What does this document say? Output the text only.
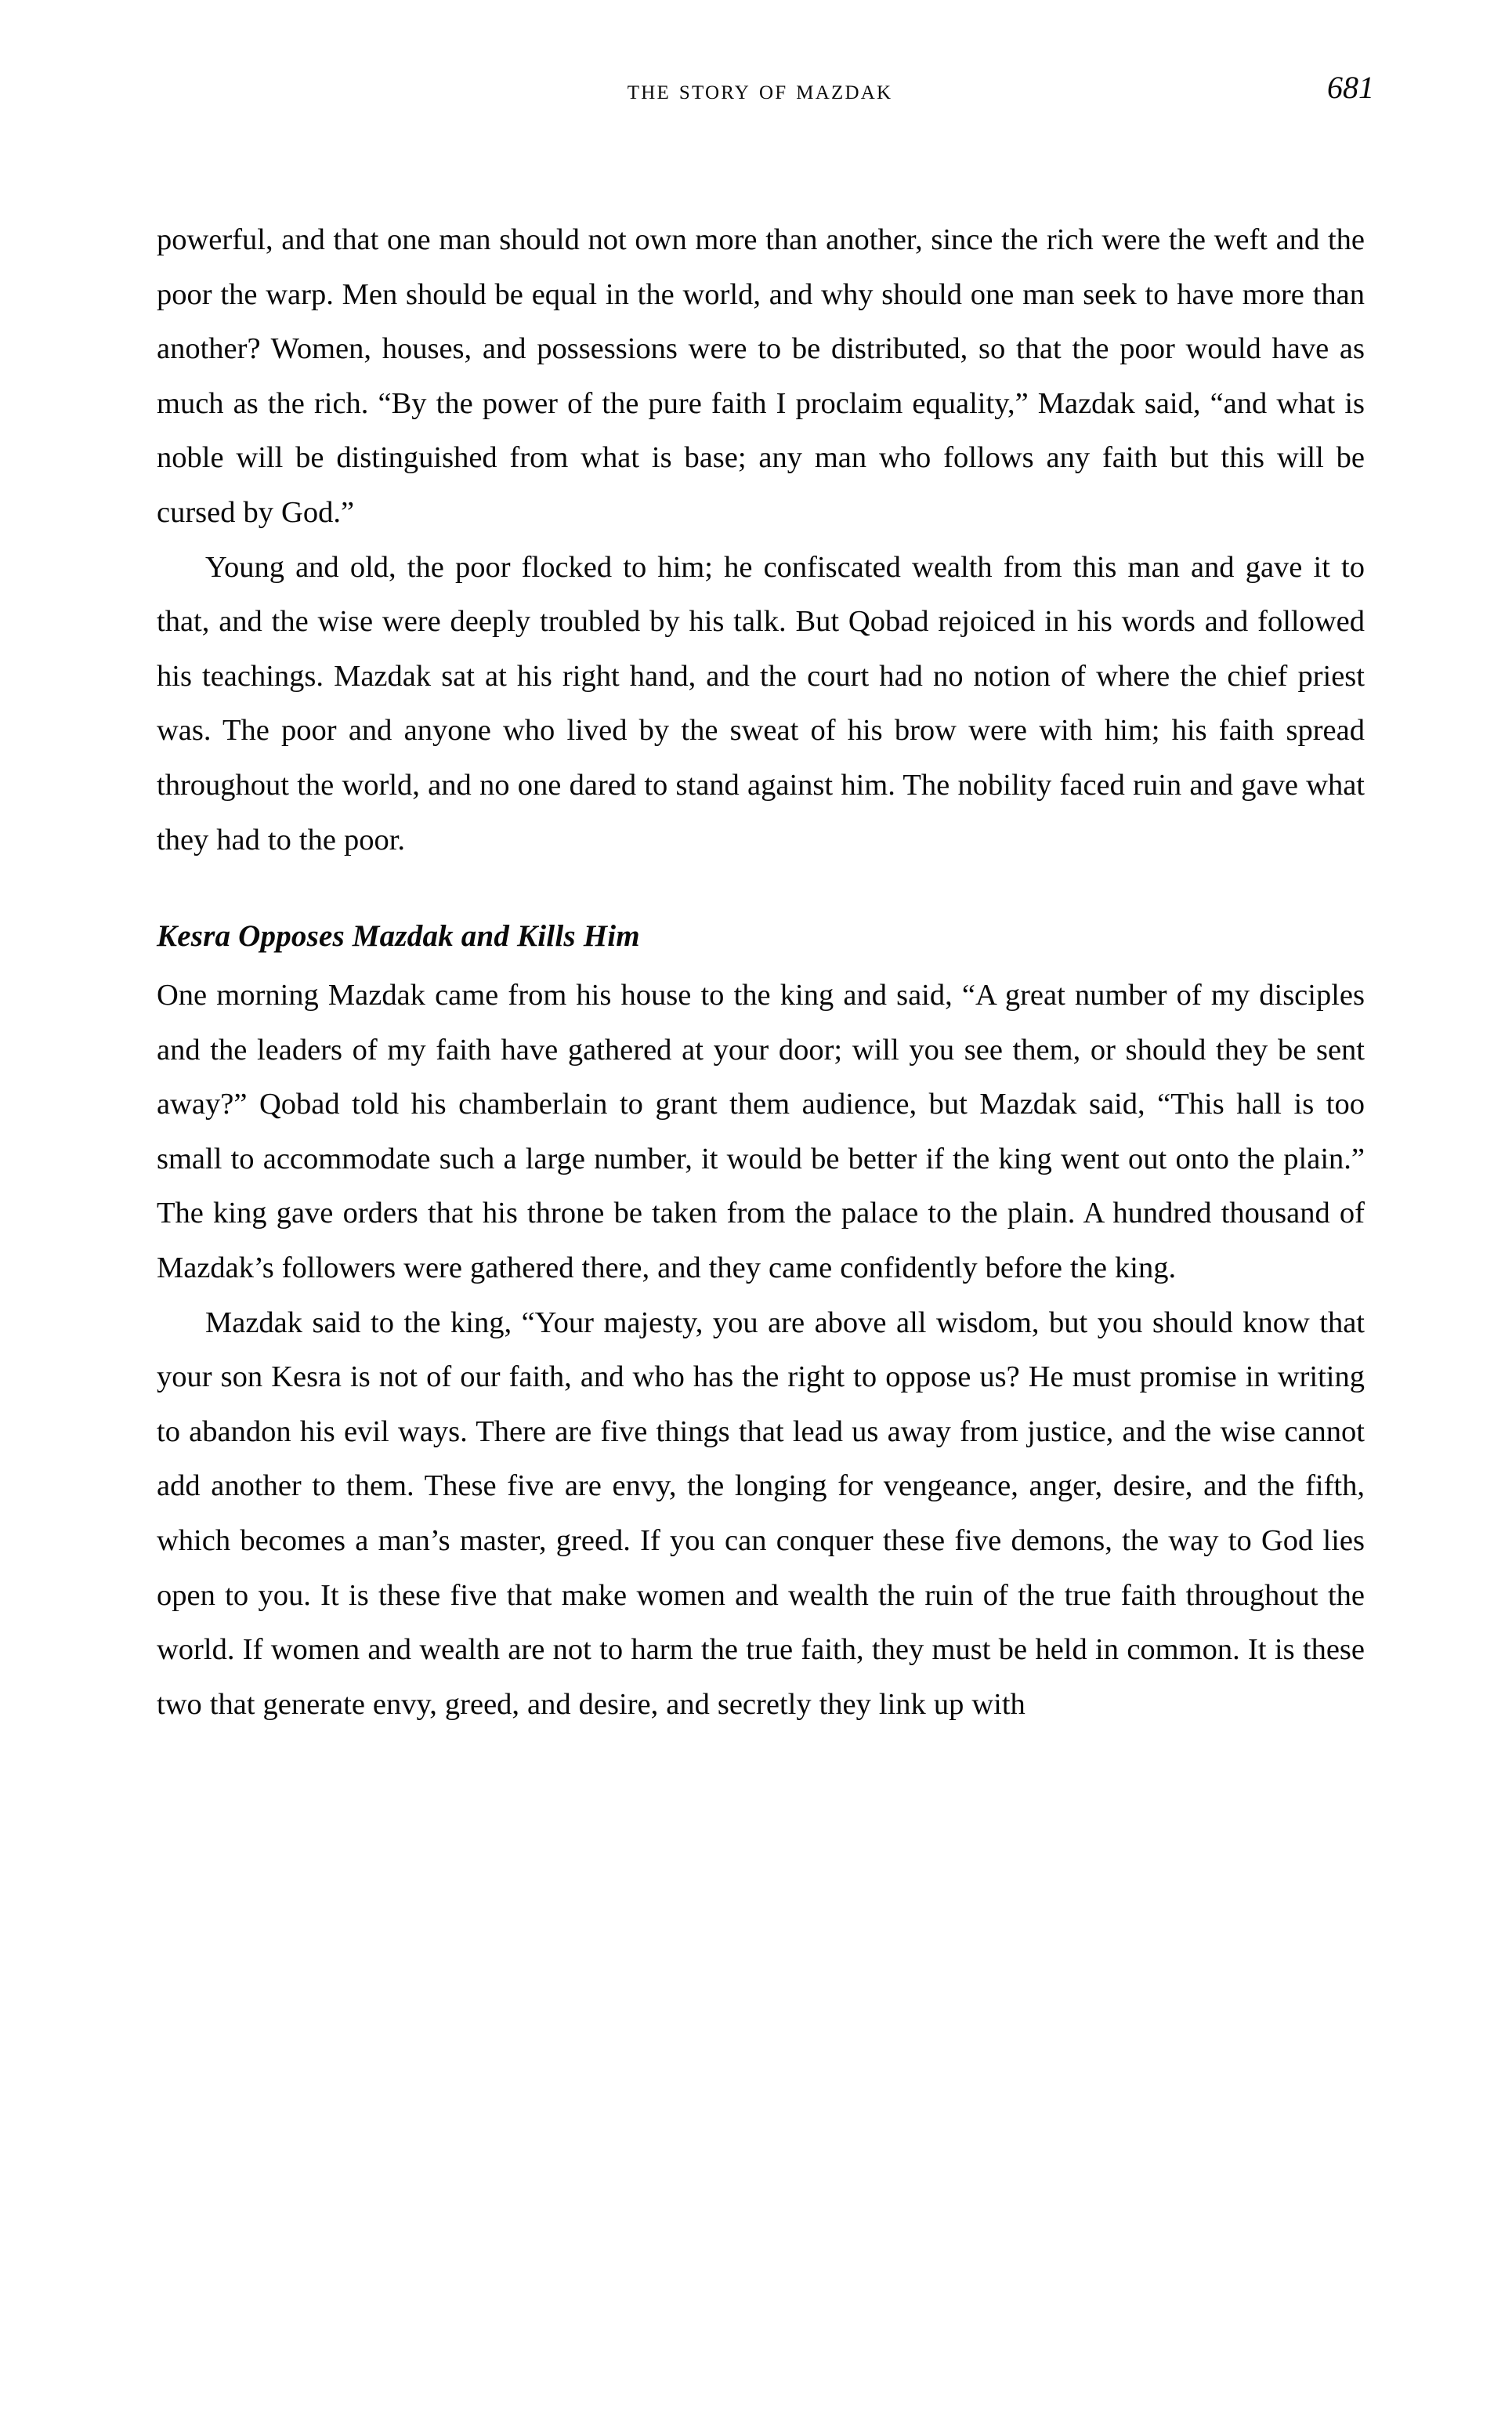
the story of mazdak	681

powerful, and that one man should not own more than another, since the rich were the weft and the poor the warp. Men should be equal in the world, and why should one man seek to have more than another? Women, houses, and possessions were to be distributed, so that the poor would have as much as the rich. “By the power of the pure faith I proclaim equality,” Mazdak said, “and what is noble will be distinguished from what is base; any man who follows any faith but this will be cursed by God.”

Young and old, the poor flocked to him; he confiscated wealth from this man and gave it to that, and the wise were deeply troubled by his talk. But Qobad rejoiced in his words and followed his teachings. Mazdak sat at his right hand, and the court had no notion of where the chief priest was. The poor and anyone who lived by the sweat of his brow were with him; his faith spread throughout the world, and no one dared to stand against him. The nobility faced ruin and gave what they had to the poor.

Kesra Opposes Mazdak and Kills Him

One morning Mazdak came from his house to the king and said, “A great number of my disciples and the leaders of my faith have gathered at your door; will you see them, or should they be sent away?” Qobad told his chamberlain to grant them audience, but Mazdak said, “This hall is too small to accommodate such a large number, it would be better if the king went out onto the plain.” The king gave orders that his throne be taken from the palace to the plain. A hundred thousand of Mazdak’s followers were gathered there, and they came confidently before the king.

Mazdak said to the king, “Your majesty, you are above all wisdom, but you should know that your son Kesra is not of our faith, and who has the right to oppose us? He must promise in writing to abandon his evil ways. There are five things that lead us away from justice, and the wise cannot add another to them. These five are envy, the longing for vengeance, anger, desire, and the fifth, which becomes a man’s master, greed. If you can conquer these five demons, the way to God lies open to you. It is these five that make women and wealth the ruin of the true faith throughout the world. If women and wealth are not to harm the true faith, they must be held in common. It is these two that generate envy, greed, and desire, and secretly they link up with
